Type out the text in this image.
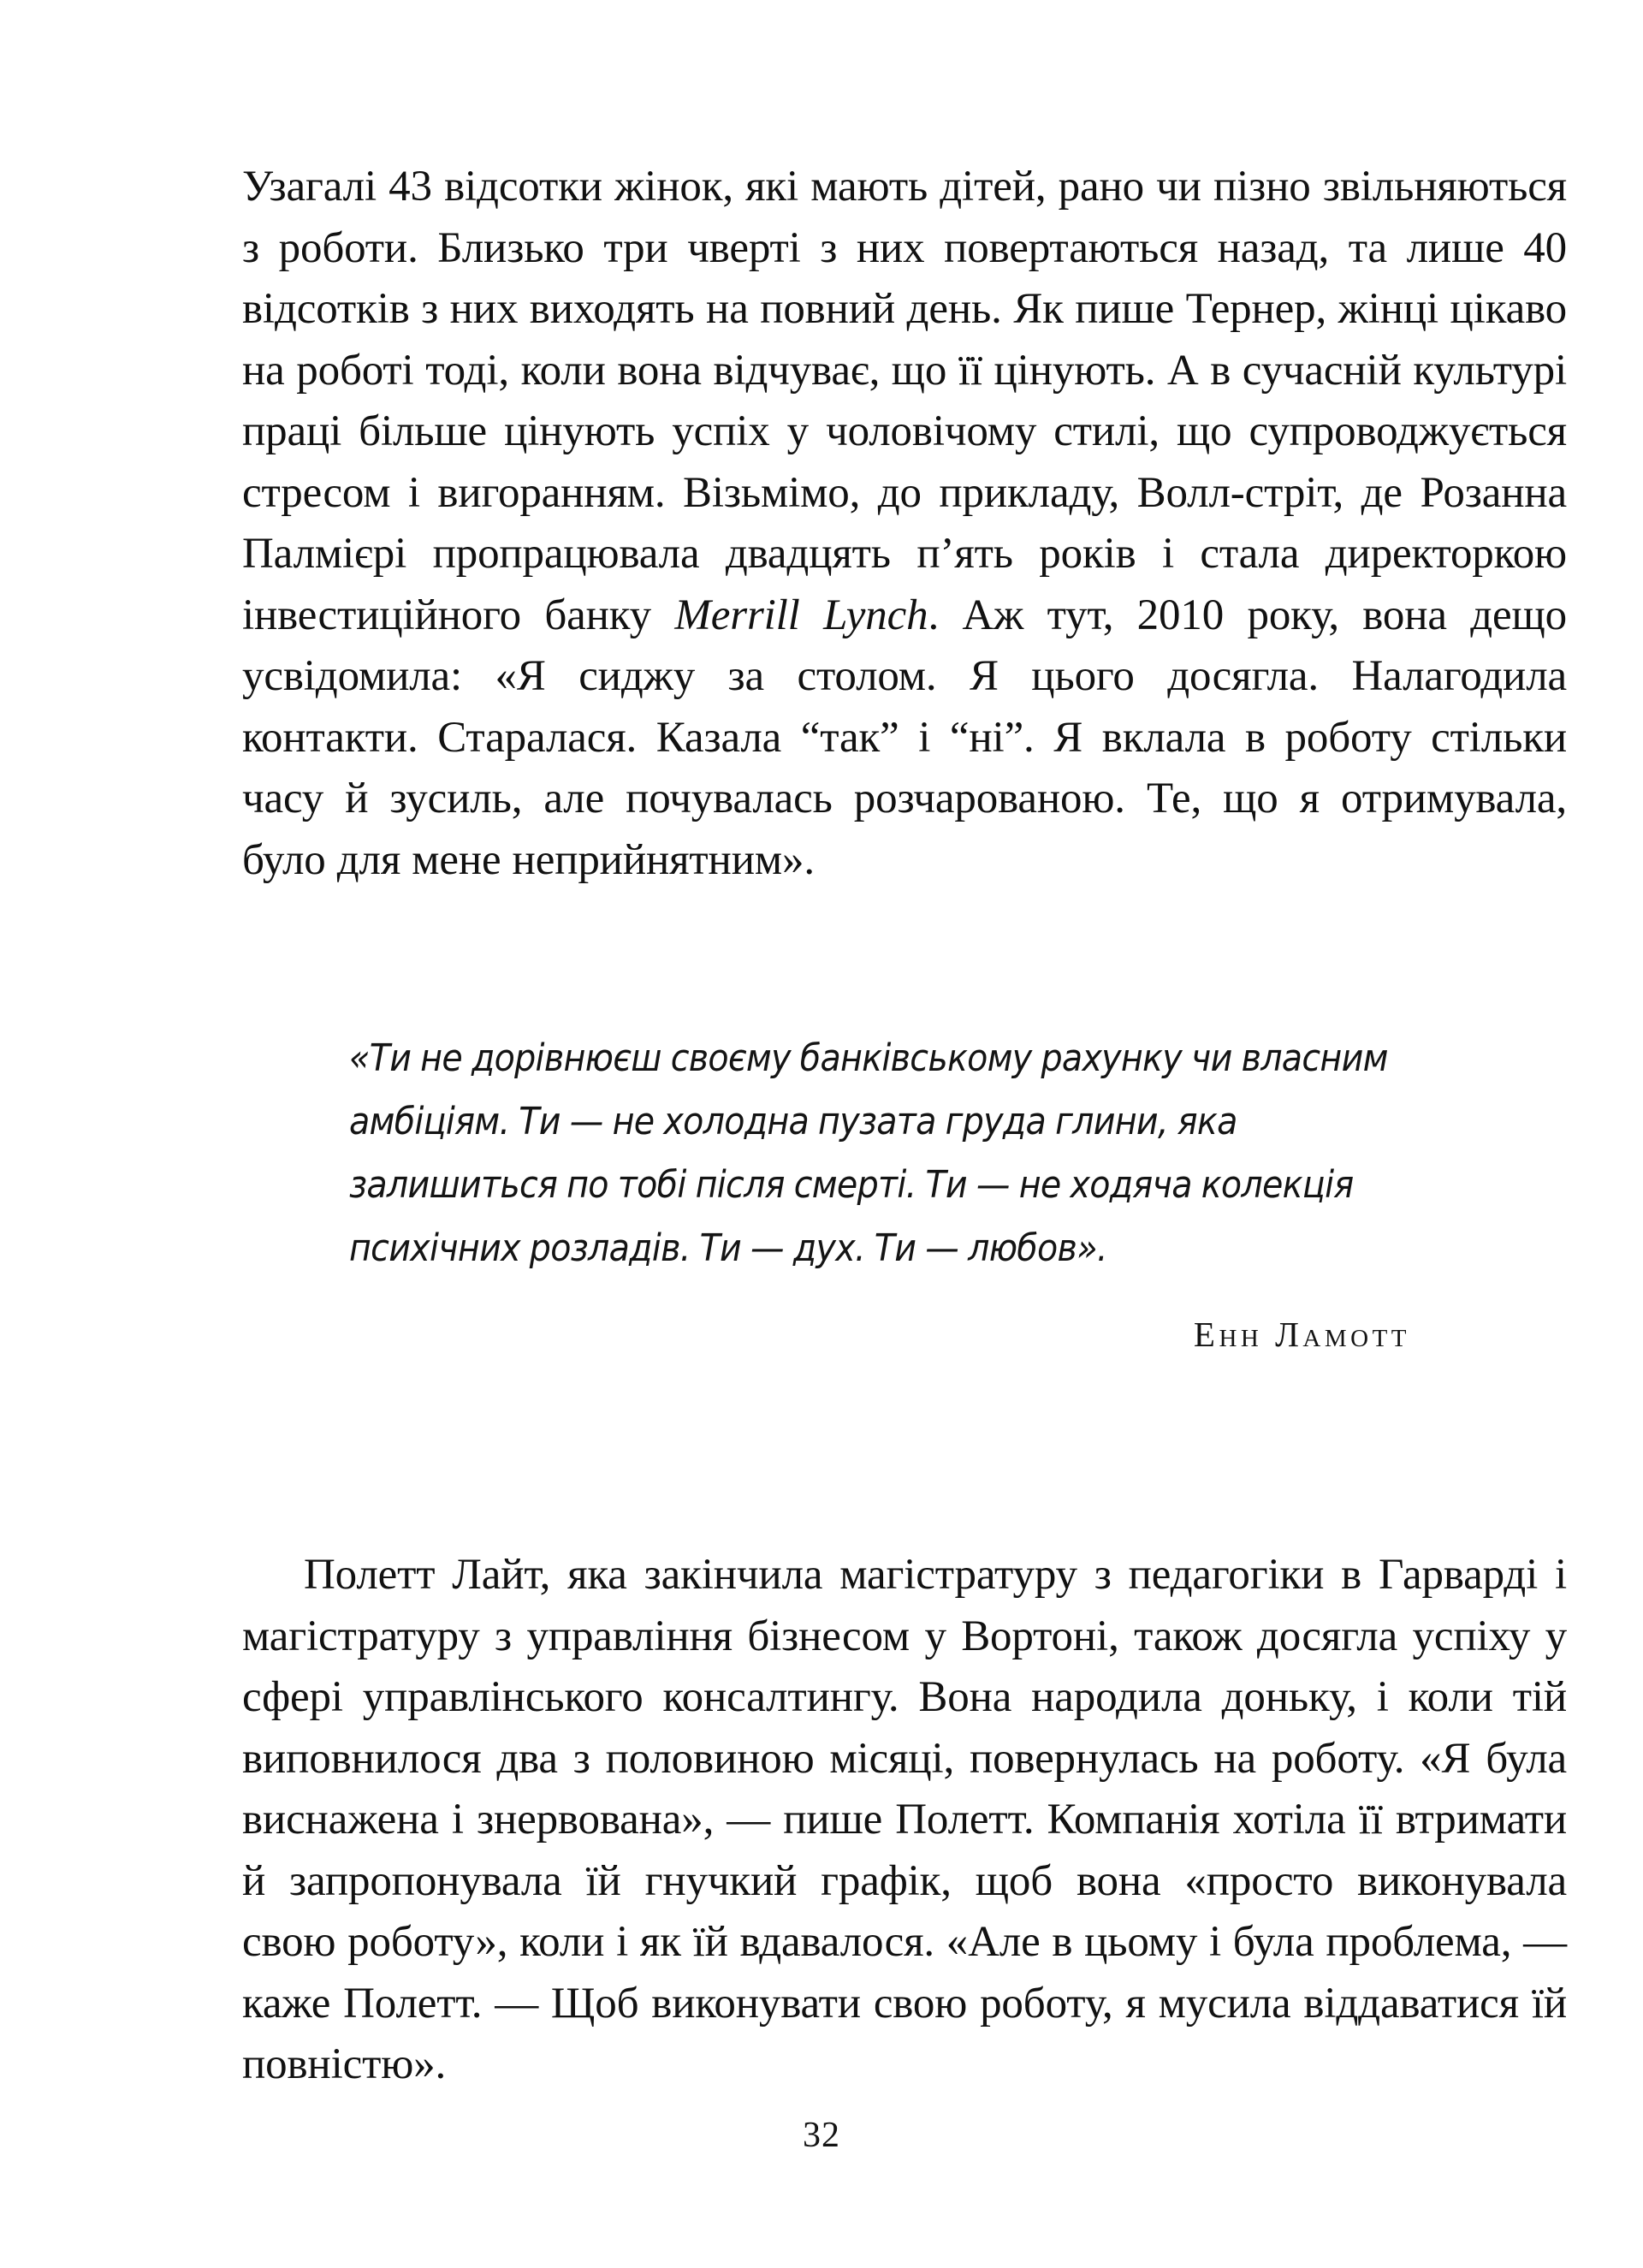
Узагалі 43 відсотки жінок, які мають дітей, рано чи пізно звільняються з роботи. Близько три чверті з них повертаються назад, та лише 40 відсотків з них виходять на повний день. Як пише Тернер, жінці цікаво на роботі тоді, коли вона відчуває, що її цінують. А в сучасній культурі праці більше цінують успіх у чоловічому стилі, що супроводжується стресом і вигоранням. Візьмімо, до прикладу, Волл-стріт, де Розанна Палмієрі пропрацювала двадцять п’ять років і стала директоркою інвестиційного банку Merrill Lynch. Аж тут, 2010 року, вона дещо усвідомила: «Я сиджу за столом. Я цього досягла. Налагодила контакти. Старалася. Казала “так” і “ні”. Я вклала в роботу стільки часу й зусиль, але почувалась розчарованою. Те, що я отримувала, було для мене неприйнятним».

«Ти не дорівнюєш своєму банківському рахунку чи власним амбіціям. Ти — не холодна пузата груда глини, яка залишиться по тобі після смерті. Ти — не ходяча колекція психічних розладів. Ти — дух. Ти — любов».

Енн Ламотт

Полетт Лайт, яка закінчила магістратуру з педагогіки в Гарварді і магістратуру з управління бізнесом у Вортоні, також досягла успіху у сфері управлінського консалтингу. Вона народила доньку, і коли тій виповнилося два з половиною місяці, повернулась на роботу. «Я була виснажена і знервована», — пише Полетт. Компанія хотіла її втримати й запропонувала їй гнучкий графік, щоб вона «просто виконувала свою роботу», коли і як їй вдавалося. «Але в цьому і була проблема, — каже Полетт. — Щоб виконувати свою роботу, я мусила віддаватися їй повністю».

32
